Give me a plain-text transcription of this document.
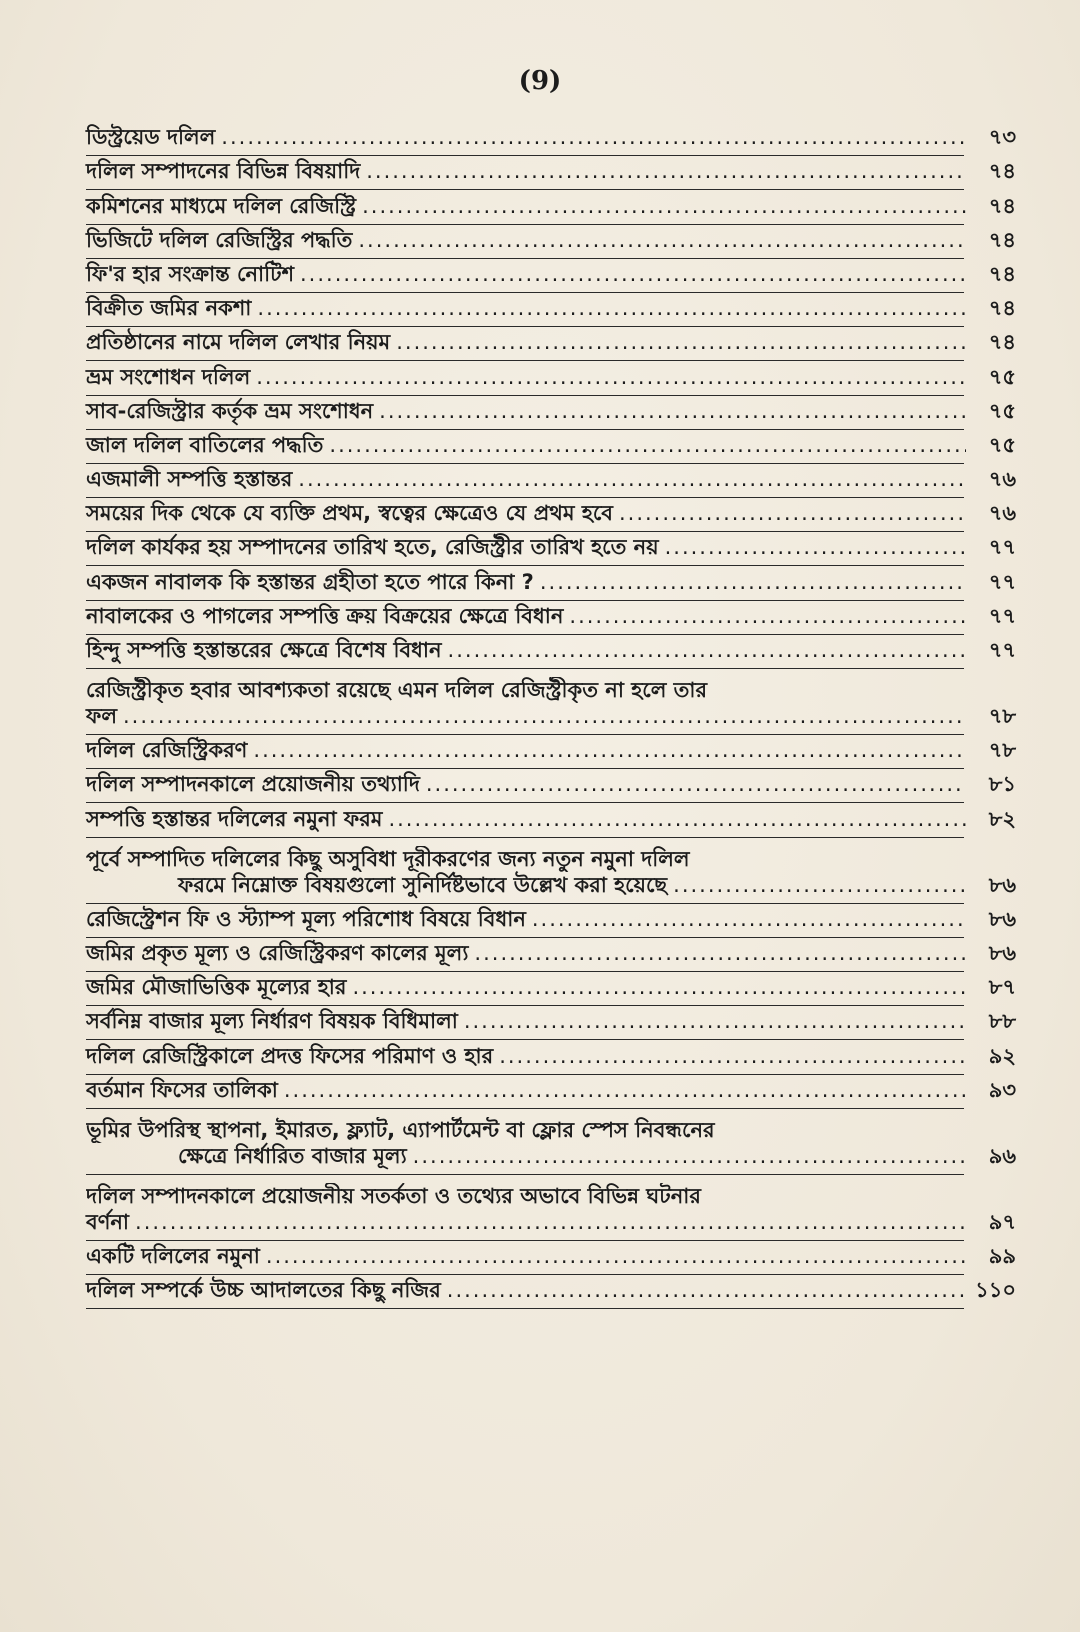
(9)
ডিস্ট্রয়েড দলিল .....	৭৩
দলিল সম্পাদনের বিভিন্ন বিষয়াদি .....	৭৪
কমিশনের মাধ্যমে দলিল রেজিস্ট্রি .....	৭৪
ভিজিটে দলিল রেজিস্ট্রির পদ্ধতি .....	৭৪
ফি'র হার সংক্রান্ত নোটিশ .....	৭৪
বিক্রীত জমির নকশা .....	৭৪
প্রতিষ্ঠানের নামে দলিল লেখার নিয়ম .....	৭৪
ভ্রম সংশোধন দলিল .....	৭৫
সাব-রেজিস্ট্রার কর্তৃক ভ্রম সংশোধন .....	৭৫
জাল দলিল বাতিলের পদ্ধতি .....	৭৫
এজমালী সম্পত্তি হস্তান্তর .....	৭৬
সময়ের দিক থেকে যে ব্যক্তি প্রথম, স্বত্বের ক্ষেত্রেও যে প্রথম হবে .....	৭৬
দলিল কার্যকর হয় সম্পাদনের তারিখ হতে, রেজিস্ট্রীর তারিখ হতে নয় .....	৭৭
একজন নাবালক কি হস্তান্তর গ্রহীতা হতে পারে কিনা ? .....	৭৭
নাবালকের ও পাগলের সম্পত্তি ক্রয় বিক্রয়ের ক্ষেত্রে বিধান .....	৭৭
হিন্দু সম্পত্তি হস্তান্তরের ক্ষেত্রে বিশেষ বিধান .....	৭৭
রেজিস্ট্রীকৃত হবার আবশ্যকতা রয়েছে এমন দলিল রেজিস্ট্রীকৃত না হলে তার
ফল .....	৭৮
দলিল রেজিস্ট্রিকরণ .....	৭৮
দলিল সম্পাদনকালে প্রয়োজনীয় তথ্যাদি .....	৮১
সম্পত্তি হস্তান্তর দলিলের নমুনা ফরম .....	৮২
পূর্বে সম্পাদিত দলিলের কিছু অসুবিধা দূরীকরণের জন্য নতুন নমুনা দলিল
ফরমে নিম্নোক্ত বিষয়গুলো সুনির্দিষ্টভাবে উল্লেখ করা হয়েছে .....	৮৬
রেজিস্ট্রেশন ফি ও স্ট্যাম্প মূল্য পরিশোধ বিষয়ে বিধান .....	৮৬
জমির প্রকৃত মূল্য ও রেজিস্ট্রিকরণ কালের মূল্য .....	৮৬
জমির মৌজাভিত্তিক মূল্যের হার .....	৮৭
সর্বনিম্ন বাজার মূল্য নির্ধারণ বিষয়ক বিধিমালা .....	৮৮
দলিল রেজিস্ট্রিকালে প্রদত্ত ফিসের পরিমাণ ও হার .....	৯২
বর্তমান ফিসের তালিকা .....	৯৩
ভূমির উপরিস্থ স্থাপনা, ইমারত, ফ্ল্যাট, এ্যাপার্টমেন্ট বা ফ্লোর স্পেস নিবন্ধনের
ক্ষেত্রে নির্ধারিত বাজার মূল্য .....	৯৬
দলিল সম্পাদনকালে প্রয়োজনীয় সতর্কতা ও তথ্যের অভাবে বিভিন্ন ঘটনার
বর্ণনা .....	৯৭
একটি দলিলের নমুনা .....	৯৯
দলিল সম্পর্কে উচ্চ আদালতের কিছু নজির .....	১১০
